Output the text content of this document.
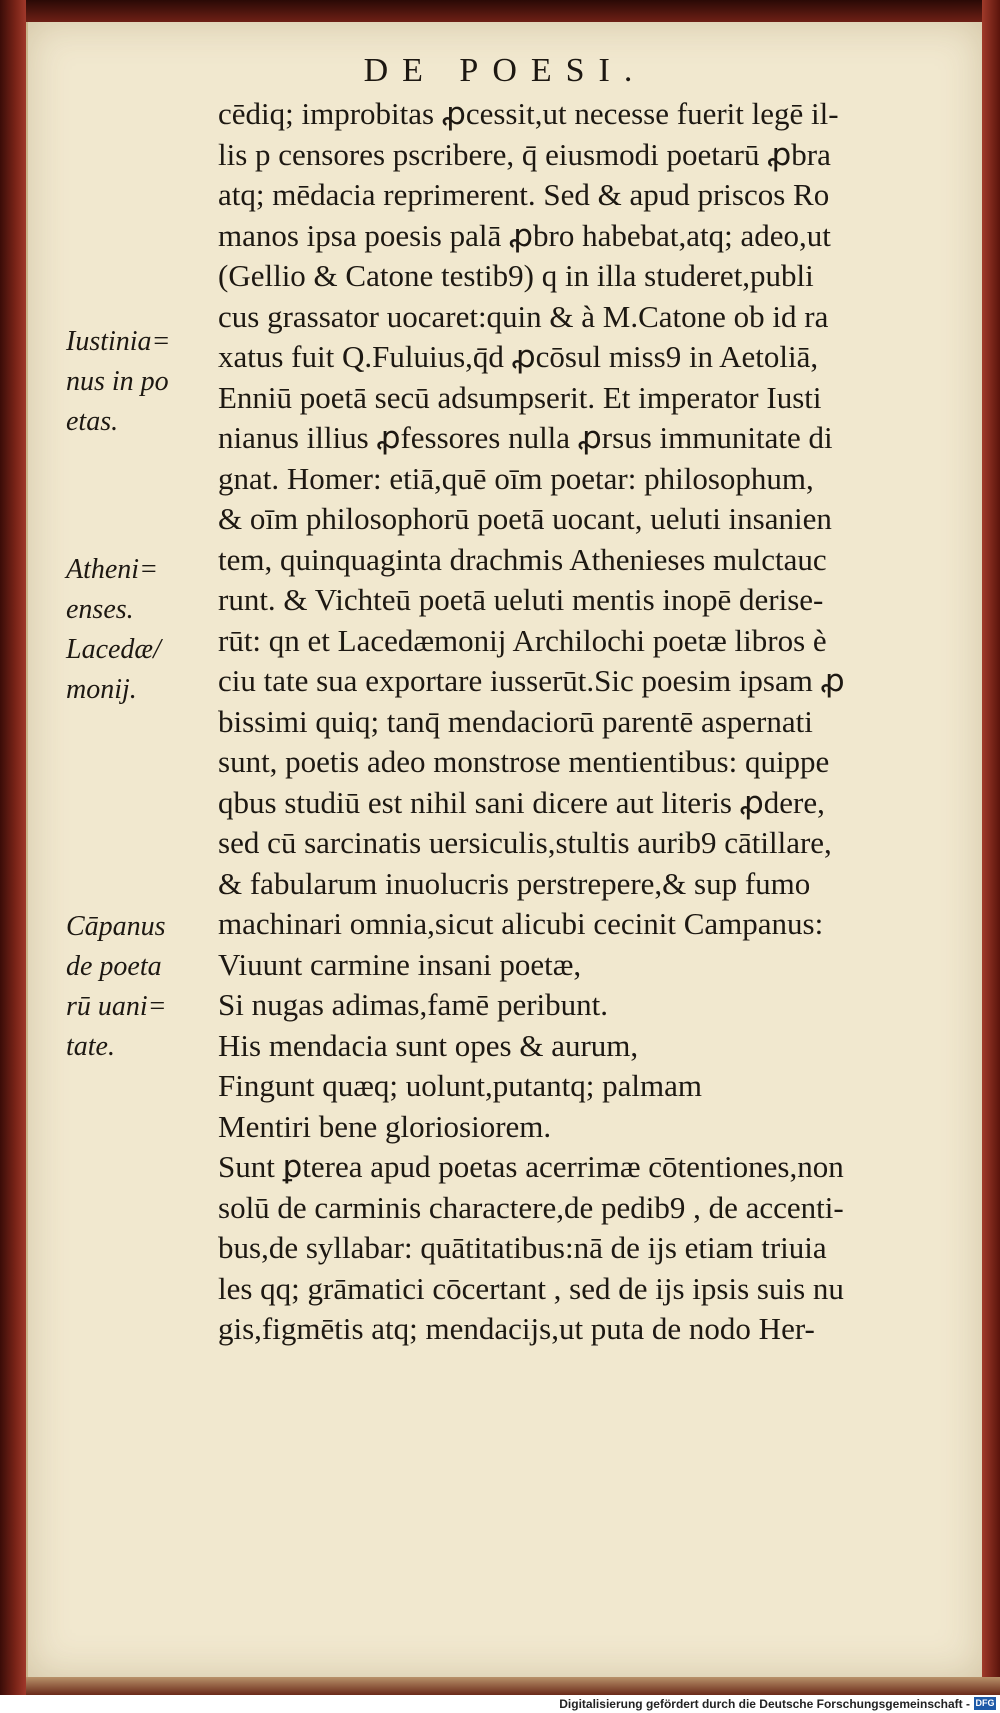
DE POESI.
Iustinia=
nus in po
etas.
Atheni=
enses.
Lacedæ/
monij.
Cāpanus
de poeta
rū uani=
tate.
cēdiq; improbitas ꝓcessit,ut necesse fuerit legē il-
lis p censores pscribere, q̄ eiusmodi poetarū ꝓbra
atq; mēdacia reprimerent. Sed & apud priscos Ro
manos ipsa poesis palā ꝓbro habebat,atq; adeo,ut
(Gellio & Catone testib9) q in illa studeret,publi
cus grassator uocaret:quin & à M.Catone ob id ra
xatus fuit Q.Fuluius,q̄d ꝓcōsul miss9 in Aetoliā,
Enniū poetā secū adsumpserit. Et imperator Iusti
nianus illius ꝓfessores nulla ꝓrsus immunitate di
gnat. Homer: etiā,quē oīm poetar: philosophum,
& oīm philosophorū poetā uocant, ueluti insanien
tem, quinquaginta drachmis Athenieses mulctauc
runt. & Vichteū poetā ueluti mentis inopē derise-
rūt: qn et Lacedæmonij Archilochi poetæ libros è
ciu tate sua exportare iusserūt.Sic poesim ipsam ꝓ
bissimi quiq; tanq̄ mendaciorū parentē aspernati
sunt, poetis adeo monstrose mentientibus: quippe
qbus studiū est nihil sani dicere aut literis ꝓdere,
sed cū sarcinatis uersiculis,stultis aurib9 cātillare,
& fabularum inuolucris perstrepere,& sup fumo
machinari omnia,sicut alicubi cecinit Campanus:
Viuunt carmine insani poetæ,
Si nugas adimas,famē peribunt.
His mendacia sunt opes & aurum,
Fingunt quæq; uolunt,putantq; palmam
Mentiri bene gloriosiorem.
Sunt ꝑterea apud poetas acerrimæ cōtentiones,non
solū de carminis charactere,de pedib9 , de accenti-
bus,de syllabar: quātitatibus:nā de ijs etiam triuia
les qq; grāmatici cōcertant , sed de ijs ipsis suis nu
gis,figmētis atq; mendacijs,ut puta de nodo Her-
Digitalisierung gefördert durch die Deutsche Forschungsgemeinschaft - DFG
